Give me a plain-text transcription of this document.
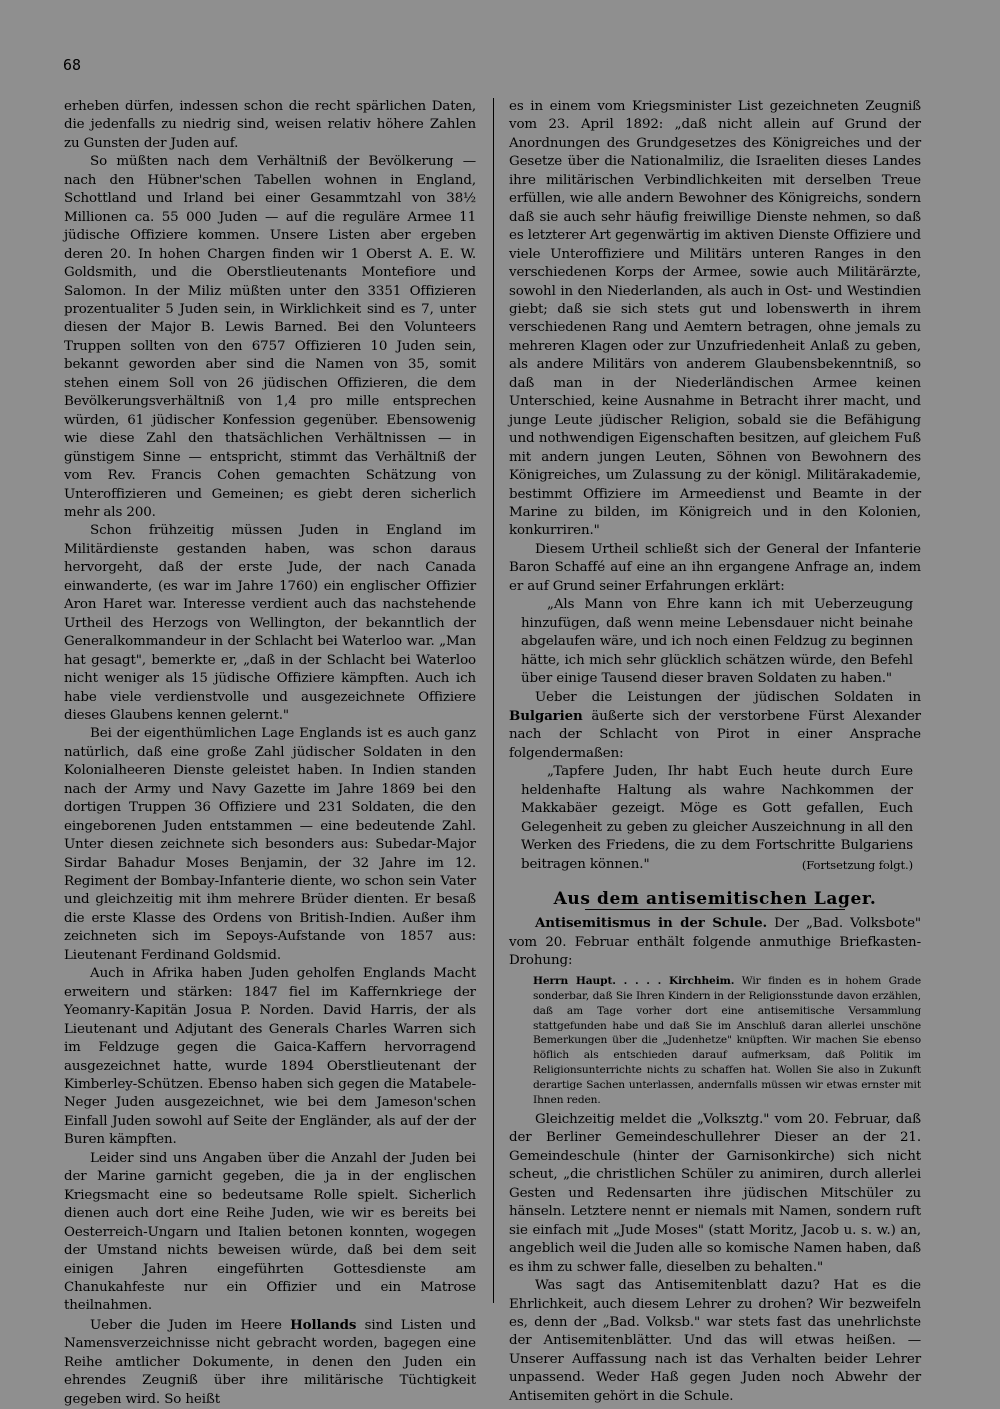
68

erheben dürfen, indessen schon die recht spärlichen Daten, die jedenfalls zu niedrig sind, weisen relativ höhere Zahlen zu Gunsten der Juden auf.

So müßten nach dem Verhältniß der Bevölkerung — nach den Hübner'schen Tabellen wohnen in England, Schottland und Irland bei einer Gesammtzahl von 38½ Millionen ca. 55 000 Juden — auf die reguläre Armee 11 jüdische Offiziere kommen. Unsere Listen aber ergeben deren 20. In hohen Chargen finden wir 1 Oberst A. E. W. Goldsmith, und die Oberstlieutenants Montefiore und Salomon. In der Miliz müßten unter den 3351 Offizieren prozentualiter 5 Juden sein, in Wirklichkeit sind es 7, unter diesen der Major B. Lewis Barned. Bei den Volunteers Truppen sollten von den 6757 Offizieren 10 Juden sein, bekannt geworden aber sind die Namen von 35, somit stehen einem Soll von 26 jüdischen Offizieren, die dem Bevölkerungsverhältniß von 1,4 pro mille entsprechen würden, 61 jüdischer Konfession gegenüber. Ebensowenig wie diese Zahl den thatsächlichen Verhältnissen — in günstigem Sinne — entspricht, stimmt das Verhältniß der vom Rev. Francis Cohen gemachten Schätzung von Unteroffizieren und Gemeinen; es giebt deren sicherlich mehr als 200.

Schon frühzeitig müssen Juden in England im Militärdienste gestanden haben, was schon daraus hervorgeht, daß der erste Jude, der nach Canada einwanderte, (es war im Jahre 1760) ein englischer Offizier Aron Haret war. Interesse verdient auch das nachstehende Urtheil des Herzogs von Wellington, der bekanntlich der Generalkommandeur in der Schlacht bei Waterloo war. „Man hat gesagt", bemerkte er, „daß in der Schlacht bei Waterloo nicht weniger als 15 jüdische Offiziere kämpften. Auch ich habe viele verdienstvolle und ausgezeichnete Offiziere dieses Glaubens kennen gelernt."

Bei der eigenthümlichen Lage Englands ist es auch ganz natürlich, daß eine große Zahl jüdischer Soldaten in den Kolonialheeren Dienste geleistet haben. In Indien standen nach der Army und Navy Gazette im Jahre 1869 bei den dortigen Truppen 36 Offiziere und 231 Soldaten, die den eingeborenen Juden entstammen — eine bedeutende Zahl. Unter diesen zeichnete sich besonders aus: Subedar-Major Sirdar Bahadur Moses Benjamin, der 32 Jahre im 12. Regiment der Bombay-Infanterie diente, wo schon sein Vater und gleichzeitig mit ihm mehrere Brüder dienten. Er besaß die erste Klasse des Ordens von British-Indien. Außer ihm zeichneten sich im Sepoys-Aufstande von 1857 aus: Lieutenant Ferdinand Goldsmid.

Auch in Afrika haben Juden geholfen Englands Macht erweitern und stärken: 1847 fiel im Kaffernkriege der Yeomanry-Kapitän Josua P. Norden. David Harris, der als Lieutenant und Adjutant des Generals Charles Warren sich im Feldzuge gegen die Gaica-Kaffern hervorragend ausgezeichnet hatte, wurde 1894 Oberstlieutenant der Kimberley-Schützen. Ebenso haben sich gegen die Matabele-Neger Juden ausgezeichnet, wie bei dem Jameson'schen Einfall Juden sowohl auf Seite der Engländer, als auf der der Buren kämpften.

Leider sind uns Angaben über die Anzahl der Juden bei der Marine garnicht gegeben, die ja in der englischen Kriegsmacht eine so bedeutsame Rolle spielt. Sicherlich dienen auch dort eine Reihe Juden, wie wir es bereits bei Oesterreich-Ungarn und Italien betonen konnten, wogegen der Umstand nichts beweisen würde, daß bei dem seit einigen Jahren eingeführten Gottesdienste am Chanukahfeste nur ein Offizier und ein Matrose theilnahmen.

Ueber die Juden im Heere Hollands sind Listen und Namensverzeichnisse nicht gebracht worden, bagegen eine Reihe amtlicher Dokumente, in denen den Juden ein ehrendes Zeugniß über ihre militärische Tüchtigkeit gegeben wird. So heißt

es in einem vom Kriegsminister List gezeichneten Zeugniß vom 23. April 1892: „daß nicht allein auf Grund der Anordnungen des Grundgesetzes des Königreiches und der Gesetze über die Nationalmiliz, die Israeliten dieses Landes ihre militärischen Verbindlichkeiten mit derselben Treue erfüllen, wie alle andern Bewohner des Königreichs, sondern daß sie auch sehr häufig freiwillige Dienste nehmen, so daß es letzterer Art gegenwärtig im aktiven Dienste Offiziere und viele Unteroffiziere und Militärs unteren Ranges in den verschiedenen Korps der Armee, sowie auch Militärärzte, sowohl in den Niederlanden, als auch in Ost- und Westindien giebt; daß sie sich stets gut und lobenswerth in ihrem verschiedenen Rang und Aemtern betragen, ohne jemals zu mehreren Klagen oder zur Unzufriedenheit Anlaß zu geben, als andere Militärs von anderem Glaubensbekenntniß, so daß man in der Niederländischen Armee keinen Unterschied, keine Ausnahme in Betracht ihrer macht, und junge Leute jüdischer Religion, sobald sie die Befähigung und nothwendigen Eigenschaften besitzen, auf gleichem Fuß mit andern jungen Leuten, Söhnen von Bewohnern des Königreiches, um Zulassung zu der königl. Militärakademie, bestimmt Offiziere im Armeedienst und Beamte in der Marine zu bilden, im Königreich und in den Kolonien, konkurriren."

Diesem Urtheil schließt sich der General der Infanterie Baron Schaffé auf eine an ihn ergangene Anfrage an, indem er auf Grund seiner Erfahrungen erklärt:

„Als Mann von Ehre kann ich mit Ueberzeugung hinzufügen, daß wenn meine Lebensdauer nicht beinahe abgelaufen wäre, und ich noch einen Feldzug zu beginnen hätte, ich mich sehr glücklich schätzen würde, den Befehl über einige Tausend dieser braven Soldaten zu haben."

Ueber die Leistungen der jüdischen Soldaten in Bulgarien äußerte sich der verstorbene Fürst Alexander nach der Schlacht von Pirot in einer Ansprache folgendermaßen:

„Tapfere Juden, Ihr habt Euch heute durch Eure heldenhafte Haltung als wahre Nachkommen der Makkabäer gezeigt. Möge es Gott gefallen, Euch Gelegenheit zu geben zu gleicher Auszeichnung in all den Werken des Friedens, die zu dem Fortschritte Bulgariens beitragen können."	(Fortsetzung folgt.)

Aus dem antisemitischen Lager.

Antisemitismus in der Schule. Der „Bad. Volksbote" vom 20. Februar enthält folgende anmuthige Briefkasten-Drohung:

Herrn Haupt. . . . . Kirchheim. Wir finden es in hohem Grade sonderbar, daß Sie Ihren Kindern in der Religionsstunde davon erzählen, daß am Tage vorher dort eine antisemitische Versammlung stattgefunden habe und daß Sie im Anschluß daran allerlei unschöne Bemerkungen über die „Judenhetze" knüpften. Wir machen Sie ebenso höflich als entschieden darauf aufmerksam, daß Politik im Religionsunterrichte nichts zu schaffen hat. Wollen Sie also in Zukunft derartige Sachen unterlassen, andernfalls müssen wir etwas ernster mit Ihnen reden.

Gleichzeitig meldet die „Volksztg." vom 20. Februar, daß der Berliner Gemeindeschullehrer Dieser an der 21. Gemeindeschule (hinter der Garnisonkirche) sich nicht scheut, „die christlichen Schüler zu animiren, durch allerlei Gesten und Redensarten ihre jüdischen Mitschüler zu hänseln. Letztere nennt er niemals mit Namen, sondern ruft sie einfach mit „Jude Moses" (statt Moritz, Jacob u. s. w.) an, angeblich weil die Juden alle so komische Namen haben, daß es ihm zu schwer falle, dieselben zu behalten."

Was sagt das Antisemitenblatt dazu? Hat es die Ehrlichkeit, auch diesem Lehrer zu drohen? Wir bezweifeln es, denn der „Bad. Volksb." war stets fast das unehrlichste der Antisemitenblätter. Und das will etwas heißen. — Unserer Auffassung nach ist das Verhalten beider Lehrer unpassend. Weder Haß gegen Juden noch Abwehr der Antisemiten gehört in die Schule.
